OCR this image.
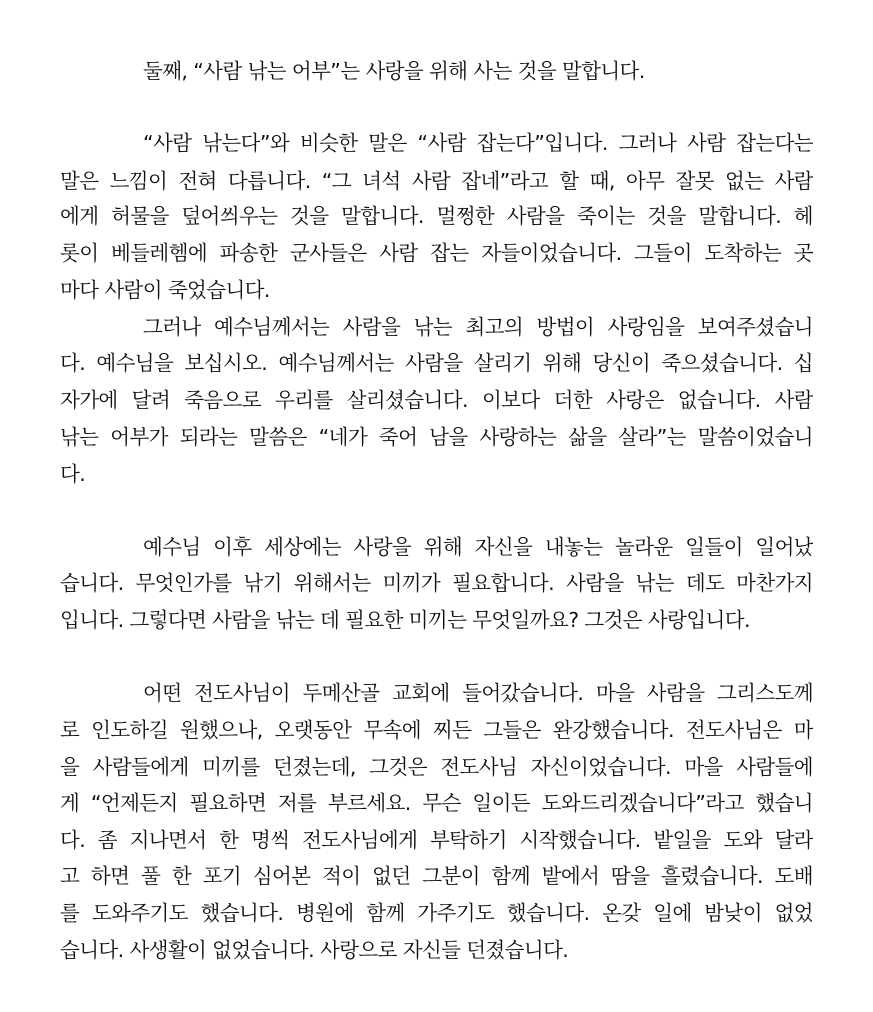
둘째, “사람 낚는 어부”는 사랑을 위해 사는 것을 말합니다.
“사람 낚는다”와 비슷한 말은 “사람 잡는다”입니다. 그러나 사람 잡는다는
말은 느낌이 전혀 다릅니다. “그 녀석 사람 잡네”라고 할 때, 아무 잘못 없는 사람
에게 허물을 덮어씌우는 것을 말합니다. 멀쩡한 사람을 죽이는 것을 말합니다. 헤
롯이 베들레헴에 파송한 군사들은 사람 잡는 자들이었습니다. 그들이 도착하는 곳
마다 사람이 죽었습니다.
그러나 예수님께서는 사람을 낚는 최고의 방법이 사랑임을 보여주셨습니
다. 예수님을 보십시오. 예수님께서는 사람을 살리기 위해 당신이 죽으셨습니다. 십
자가에 달려 죽음으로 우리를 살리셨습니다. 이보다 더한 사랑은 없습니다. 사람
낚는 어부가 되라는 말씀은 “네가 죽어 남을 사랑하는 삶을 살라”는 말씀이었습니
다.
예수님 이후 세상에는 사랑을 위해 자신을 내놓는 놀라운 일들이 일어났
습니다. 무엇인가를 낚기 위해서는 미끼가 필요합니다. 사람을 낚는 데도 마찬가지
입니다. 그렇다면 사람을 낚는 데 필요한 미끼는 무엇일까요? 그것은 사랑입니다.
어떤 전도사님이 두메산골 교회에 들어갔습니다. 마을 사람을 그리스도께
로 인도하길 원했으나, 오랫동안 무속에 찌든 그들은 완강했습니다. 전도사님은 마
을 사람들에게 미끼를 던졌는데, 그것은 전도사님 자신이었습니다. 마을 사람들에
게 “언제든지 필요하면 저를 부르세요. 무슨 일이든 도와드리겠습니다”라고 했습니
다. 좀 지나면서 한 명씩 전도사님에게 부탁하기 시작했습니다. 밭일을 도와 달라
고 하면 풀 한 포기 심어본 적이 없던 그분이 함께 밭에서 땀을 흘렸습니다. 도배
를 도와주기도 했습니다. 병원에 함께 가주기도 했습니다. 온갖 일에 밤낮이 없었
습니다. 사생활이 없었습니다. 사랑으로 자신들 던졌습니다.
